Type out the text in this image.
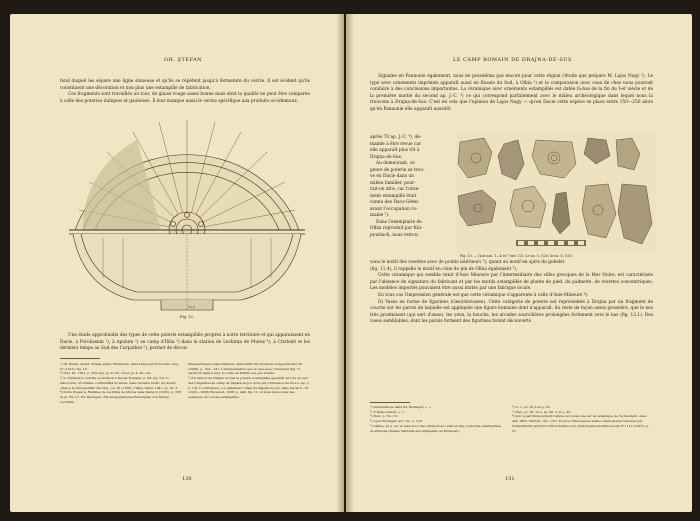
GH. ŞTEFAN

fond duquel les sépare une ligne sinueuse et qu'ils se répètent jusqu'à fermeture du cercle. Il est évident qu'ils constituent une décoration et non plus une estampille de fabrication.

Ces fragments sont travaillés au tour, de glaise rouge assez bonne mais dont la qualité ne peut être comparée à celle des poteries italiques et gauloises. Il leur manque aussi le vernis spécifique aux produits occidentaux.

Fig. 12.
0 10

Une étude approfondie des types de cette poterie estampillée propres à notre territoire et qui apparaissent en Dacie, à Porolissum ¹), à Apulum ²) au camp d'Iliŭa ³) dans la station de Lechința de Mureș ⁴), à Cristești et les derniers temps au Sud des Carpathes ⁵), permet de décou-

¹) Dr. Buday Árpád, Római edény Erdélyben, dans Dolgozatok Torvens, Cluj, IV (1913), fig. 18.
²) Ibid. Ex. 1901, p. 250 sqq. pl. 9, 26—33 et pl. 4. 40—22.
³) V. Christescu, Istoria economică a Daciei Romane, p. 68, fig. 5-6; C. Daicoviciu, Problema continuității în Dacia, dans Anuarul Instit. de Studii clasice al Universității din Cluj, vol. III (1936—1940), Sibiu, 1941, pl. 22, 3.
⁴) Doris Popescu, Familles de Lechința de Mureș dans Dacia II (1925), p. 358 et pl. XV, 12. Ed. Bernigau, Ein ausgegrabenes Brandgrab von Mureș-Lechința
(Siebenbürgen) dans Mannus, Zeitschrift für Deutsche Vorgeschichte 30 (1938), p. 122—141. L'interprétation que le vase avec ornement (fig. 7) serait en liaison avec le culte de Mithra est peu fondée.
⁵) En dehors de Drajna de Sus la poterie estampillée apparaît encore au sud des Carpathes au camp de Săpata de Jos dont par Christescu de III-e s. ap. J.-C. Cfr. V. Christescu, Le castellum roman de Săpata de Jos, dans Dacia V—VI (1935—1936) Bucarest, 1938, p. 440, fig. 11 on nous renvoyons des exemples de couche estampillée.
130
LE CAMP ROMAIN DE DRAJNA-DE-SUS

Signalée en Pannonie également, nous ne possédons pas encore pour cette région l'étude que prépare M. Lajos Nagy ¹). Le type avec ornements imprimés apparaît aussi en Russie du Sud, à Olbia ²) et la comparaison avec ceux de chez nous pourrait conduire à des conclusions importantes. La céramique avec ornements estampillés est datée là-bas de la fin du I-er siècle et de la première moitié du second ap. J.-C. ³) ce qui correspond parfaitement avec le milieu archéologique dans lequel nous la trouvons à Drajna-de-Sus. C'est en cela que l'opinion de Lajos Nagy — qu'en Dacie cette espèce se place entre 150—250 alors qu'en Pannonie elle apparaît aussitôt

après 70 ap. J.-C. ⁴), de-
mande à être revue car
elle apparaît plus tôt à
Drajna-de-Sus.
Au demeurant, ce
genre de poterie se trou-
ve en Dacie dans un
milieu familier, pour-
rait-on dire, car l'orne-
ment estampillé était
connu des Daco-Gètes
avant l'occupation ro-
maine ⁵).
Dans l'exemplaire de
Olbia reproduit par Kni-
powitsch, nous retrou-
Fig. 13. — (Les nos. 1—4 et 7 env. 1/3. Le no. 5, 1/20, le no. 6, 1/10.
vons le motif des rosettes avec de points intérieurs ⁶); quant au motif en spire du gobelet

(fig. 11,4), il rappelle le motif en cône de pin de Olbia également ⁷).

Cette céramique qui semble venir d'Asie Mineure par l'intermédiaire des villes grecques de la Mer Noire, est caractérisée par l'absence de signature du fabricant et par les motifs estampillés de plante de pied, de palmette, de rosettes concentriques. Les modèles importés pouvaient être aussi imités par une fabrique locale.

En tous cas l'impression générale est que cette céramique s'apparente à celle d'Asie-Mineure ⁸).

D) Vases en forme de figurines (Gesichtsvasen). Cette catégorie de poterie est représentée à Drajna par un fragment de couche sur les parois de laquelle est appliquée une figure humaine dont n'apparaît, du reste de façon assez grossière, que le nez très proéminent (qui sert d'anse), les yeux, la bouche, les arcades sourcilières prolongées fortement vers le bas (fig. 12,1). Des vases semblables, dont les parois forment des figurines furent découverts

¹) Informations dans Ed. Bonlager, o. c.
²) T. Knipowitsch, o. c.
³) Ibid., p. 50—51.
⁴) Apud Bonlager, art. cit., p. 133.
⁵) Găsite, en p. ex. le vase avec des ornelons au relief et des couvertes estampillées de Zimicea (Musée National des Antiquités de Bucarest).
⁶) O. c., pl. IX, 4 et p. 45.
⁷) Ibid., pl. III, 10 a. pl. VII, 3 et p. 45.
⁸) Voir à part Knipowitsch l'étude de Lovelocke sur la céramique de Tschandarli, dans Abh. Mitt. XXXVII, 101—107. Pour la Tchersonèse même observations relevées par Schmidhardt (aFgunz Ulrich Kalish) voir, Desf-Dosnia Dominica-Lara B I 112 (1927), p. 37.
131
